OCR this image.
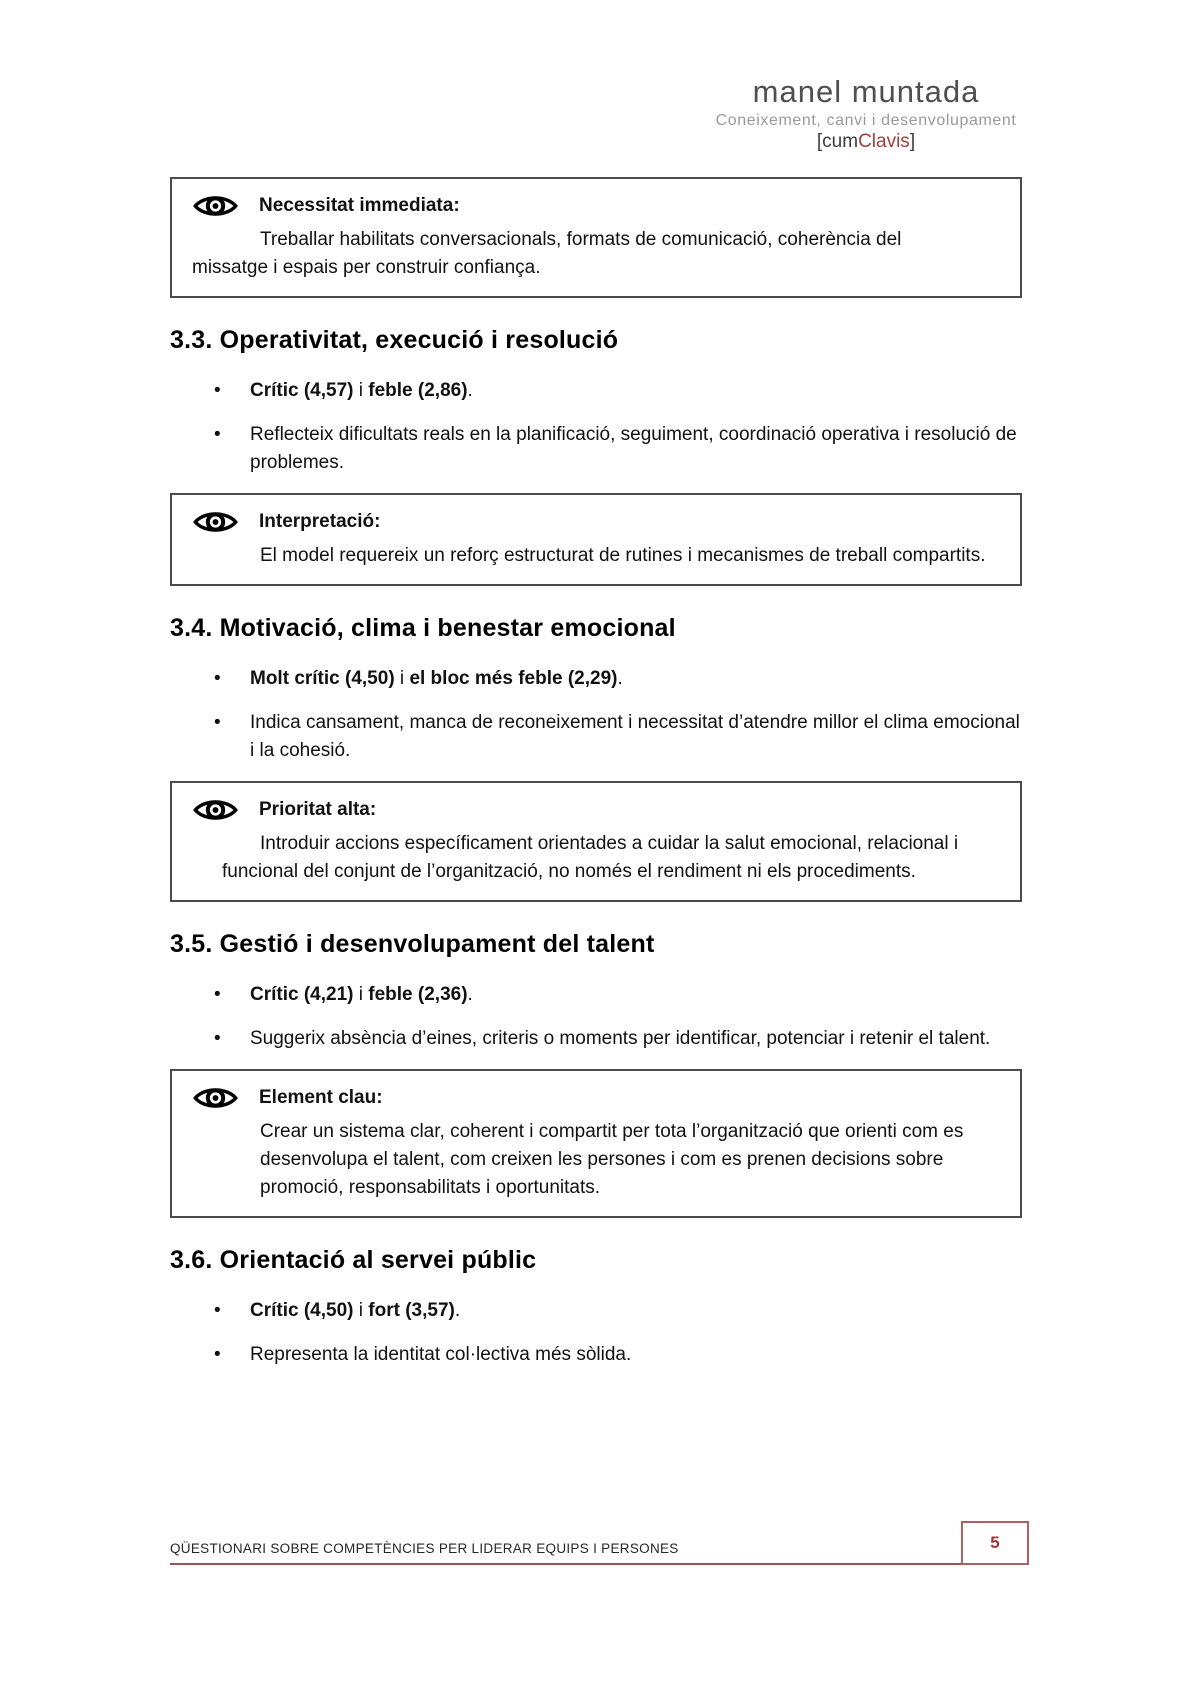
manel muntada
Coneixement, canvi i desenvolupament
[cumClavis]
Necessitat immediata:

Treballar habilitats conversacionals, formats de comunicació, coherència del missatge i espais per construir confiança.

3.3. Operativitat, execució i resolució
• Crític (4,57) i feble (2,86).
• Reflecteix dificultats reals en la planificació, seguiment, coordinació operativa i resolució de problemes.
Interpretació:

El model requereix un reforç estructurat de rutines i mecanismes de treball compartits.

3.4. Motivació, clima i benestar emocional
• Molt crític (4,50) i el bloc més feble (2,29).
• Indica cansament, manca de reconeixement i necessitat d’atendre millor el clima emocional i la cohesió.
Prioritat alta:

Introduir accions específicament orientades a cuidar la salut emocional, relacional i funcional del conjunt de l’organització, no només el rendiment ni els procediments.

3.5. Gestió i desenvolupament del talent
• Crític (4,21) i feble (2,36).
• Suggerix absència d’eines, criteris o moments per identificar, potenciar i retenir el talent.
Element clau:

Crear un sistema clar, coherent i compartit per tota l’organització que orienti com es desenvolupa el talent, com creixen les persones i com es prenen decisions sobre promoció, responsabilitats i oportunitats.

3.6. Orientació al servei públic
• Crític (4,50) i fort (3,57).
• Representa la identitat col·lectiva més sòlida.
QÜESTIONARI SOBRE COMPETÈNCIES PER LIDERAR EQUIPS I PERSONES	5
